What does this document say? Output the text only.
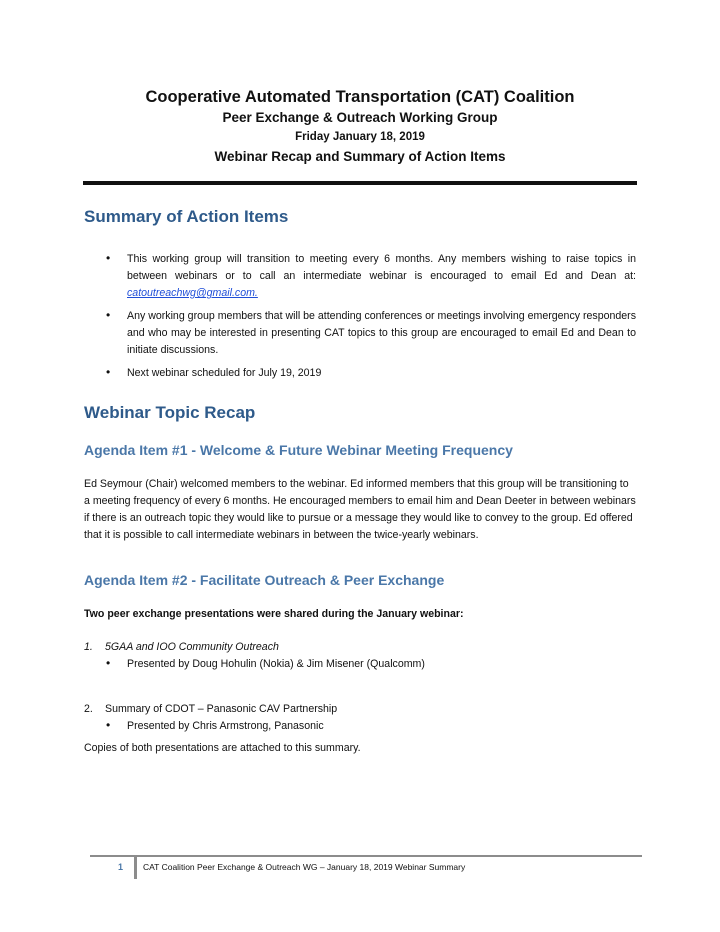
Cooperative Automated Transportation (CAT) Coalition
Peer Exchange & Outreach Working Group
Friday January 18, 2019
Webinar Recap and Summary of Action Items
Summary of Action Items
• This working group will transition to meeting every 6 months. Any members wishing to raise topics in between webinars or to call an intermediate webinar is encouraged to email Ed and Dean at: catoutreachwg@gmail.com.
• Any working group members that will be attending conferences or meetings involving emergency responders and who may be interested in presenting CAT topics to this group are encouraged to email Ed and Dean to initiate discussions.
• Next webinar scheduled for July 19, 2019
Webinar Topic Recap
Agenda Item #1 - Welcome & Future Webinar Meeting Frequency
Ed Seymour (Chair) welcomed members to the webinar. Ed informed members that this group will be transitioning to a meeting frequency of every 6 months. He encouraged members to email him and Dean Deeter in between webinars if there is an outreach topic they would like to pursue or a message they would like to convey to the group. Ed offered that it is possible to call intermediate webinars in between the twice-yearly webinars.
Agenda Item #2 - Facilitate Outreach & Peer Exchange
Two peer exchange presentations were shared during the January webinar:
1.	5GAA and IOO Community Outreach
• Presented by Doug Hohulin (Nokia) & Jim Misener (Qualcomm)
2.	Summary of CDOT – Panasonic CAV Partnership
• Presented by Chris Armstrong, Panasonic
Copies of both presentations are attached to this summary.
1 CAT Coalition Peer Exchange & Outreach WG – January 18, 2019 Webinar Summary
